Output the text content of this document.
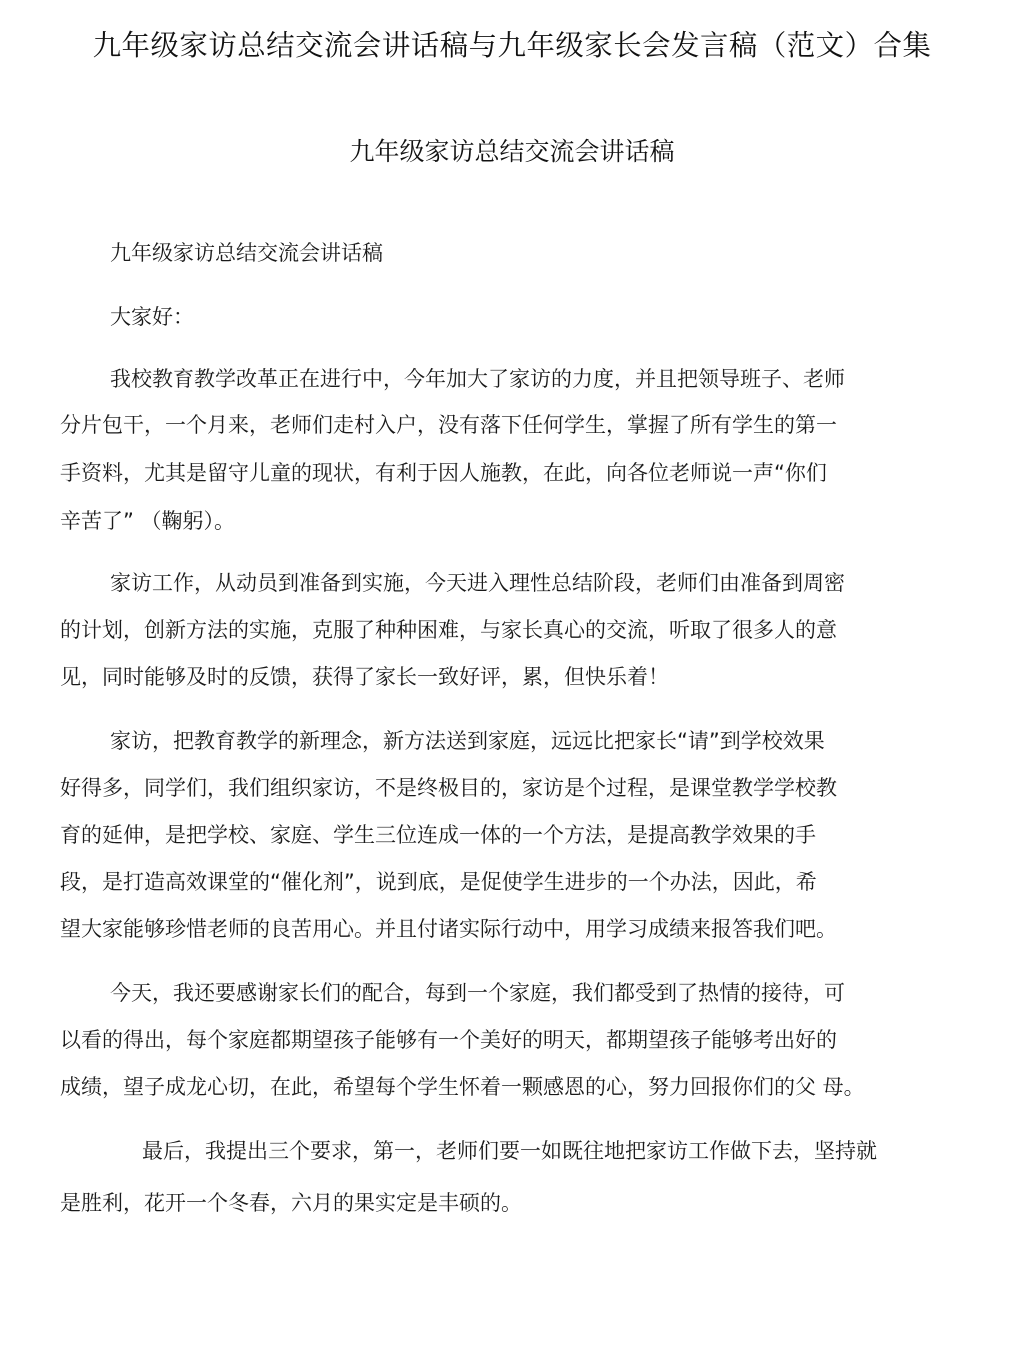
九年级家访总结交流会讲话稿与九年级家长会发言稿（范文）合集
九年级家访总结交流会讲话稿
九年级家访总结交流会讲话稿
大家好：
我校教育教学改革正在进行中，今年加大了家访的力度，并且把领导班子、老师
分片包干，一个月来，老师们走村入户，没有落下任何学生，掌握了所有学生的第一
手资料，尤其是留守儿童的现状，有利于因人施教，在此，向各位老师说一声“你们
辛苦了” （鞠躬）。
家访工作，从动员到准备到实施，今天进入理性总结阶段，老师们由准备到周密
的计划，创新方法的实施，克服了种种困难，与家长真心的交流，听取了很多人的意
见，同时能够及时的反馈，获得了家长一致好评，累，但快乐着！
家访，把教育教学的新理念，新方法送到家庭，远远比把家长“请”到学校效果
好得多，同学们，我们组织家访，不是终极目的，家访是个过程，是课堂教学学校教
育的延伸，是把学校、家庭、学生三位连成一体的一个方法，是提高教学效果的手
段，是打造高效课堂的“催化剂”，说到底，是促使学生进步的一个办法，因此，希
望大家能够珍惜老师的良苦用心。并且付诸实际行动中，用学习成绩来报答我们吧。
今天，我还要感谢家长们的配合，每到一个家庭，我们都受到了热情的接待，可
以看的得出，每个家庭都期望孩子能够有一个美好的明天，都期望孩子能够考出好的
成绩，望子成龙心切，在此，希望每个学生怀着一颗感恩的心，努力回报你们的父 母。
最后，我提出三个要求，第一，老师们要一如既往地把家访工作做下去，坚持就
是胜利，花开一个冬春，六月的果实定是丰硕的。
